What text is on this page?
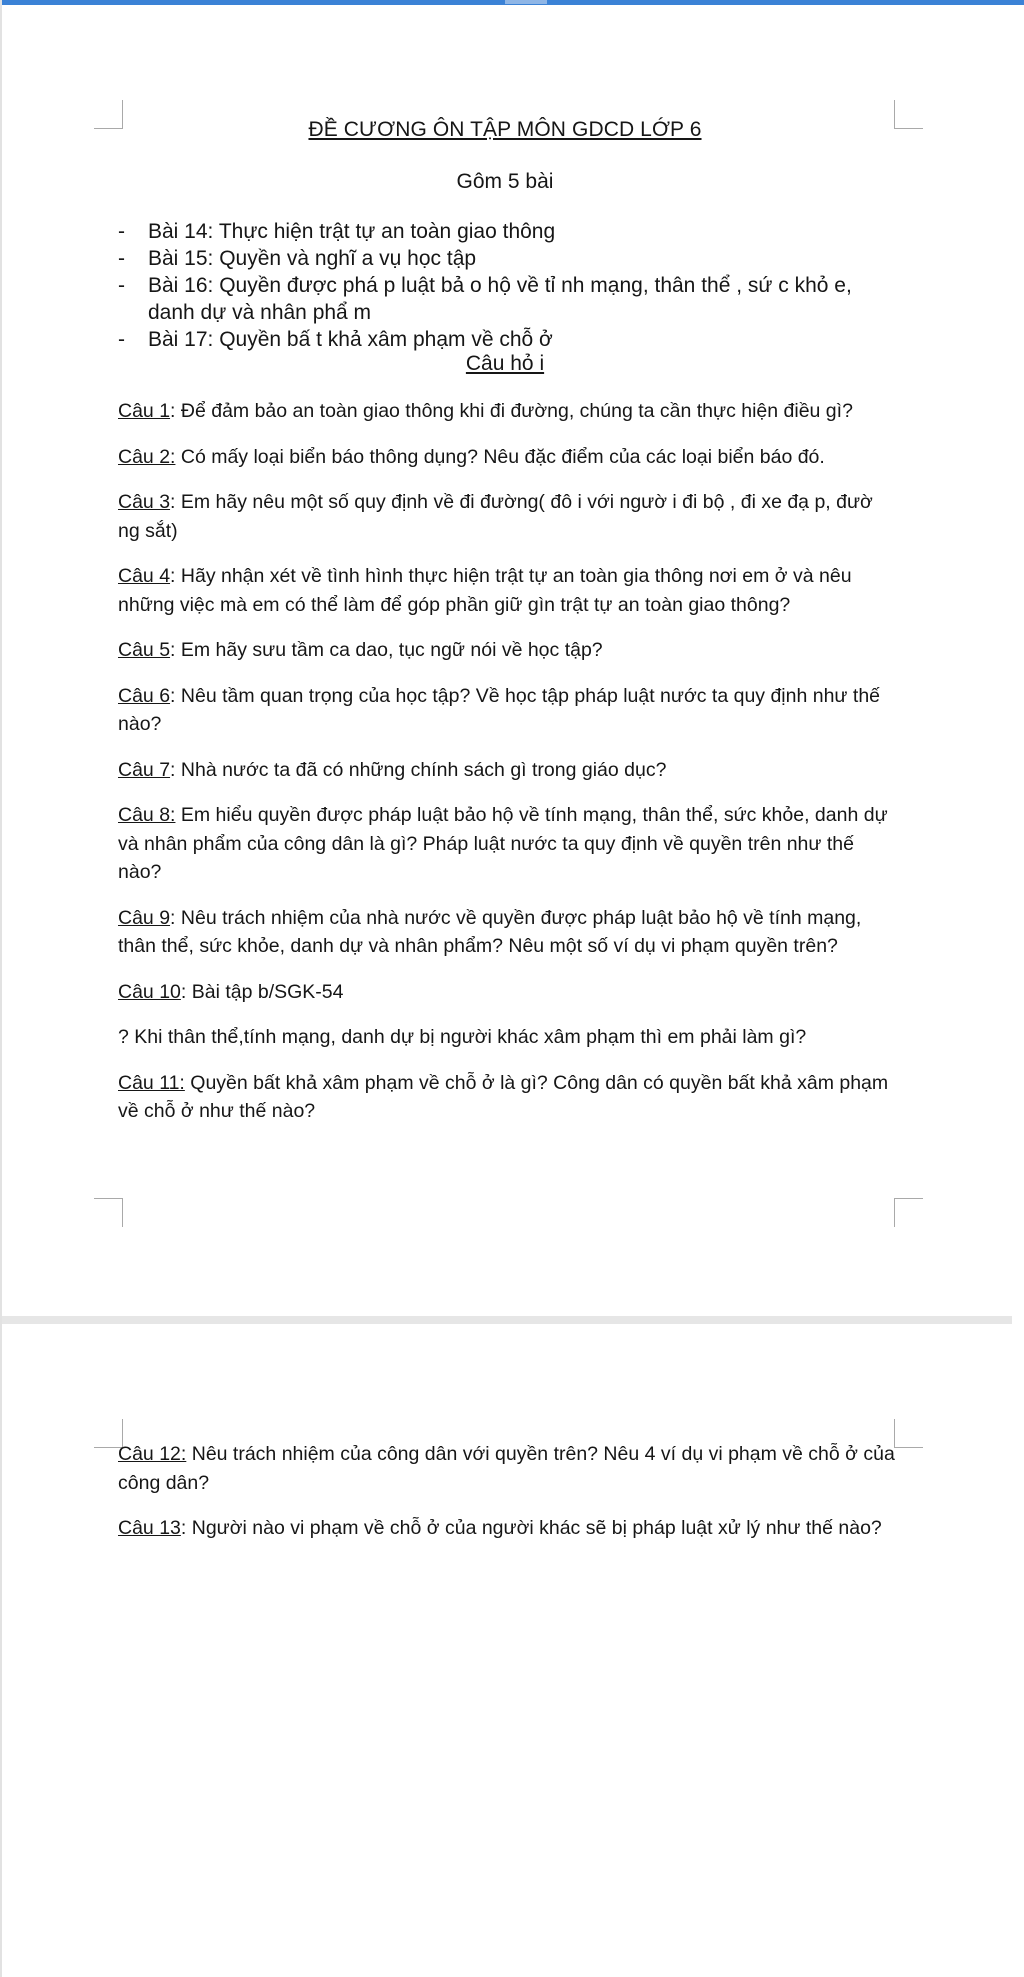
ĐỀ CƯƠNG ÔN TẬP MÔN GDCD LỚP 6
Gôm 5 bài
- Bài 14: Thực hiện trật tự an toàn giao thông
- Bài 15: Quyền và nghĩ a vụ học tập
- Bài 16: Quyền được phá p luật bả o hộ về tỉ nh mạng, thân thể , sứ c khỏ e, danh dự và nhân phẩ m
- Bài 17: Quyền bấ t khả xâm phạm về chỗ ở
Câu hỏ i
Câu 1: Để đảm bảo an toàn giao thông khi đi đường, chúng ta cần thực hiện điều gì?
Câu 2: Có mấy loại biển báo thông dụng? Nêu đặc điểm của các loại biển báo đó.
Câu 3: Em hãy nêu một số quy định về đi đường( đô i với ngườ i đi bộ , đi xe đạ p, đườ ng sắt)
Câu 4: Hãy nhận xét về tình hình thực hiện trật tự an toàn gia thông nơi em ở và nêu những việc mà em có thể làm để góp phần giữ gìn trật tự an toàn giao thông?
Câu 5: Em hãy sưu tầm ca dao, tục ngữ nói về học tập?
Câu 6: Nêu tầm quan trọng của học tập? Về học tập pháp luật nước ta quy định như thế nào?
Câu 7: Nhà nước ta đã có những chính sách gì trong giáo dục?
Câu 8: Em hiểu quyền được pháp luật bảo hộ về tính mạng, thân thể, sức khỏe, danh dự và nhân phẩm của công dân là gì? Pháp luật nước ta quy định về quyền trên như thế nào?
Câu 9: Nêu trách nhiệm của nhà nước về quyền được pháp luật bảo hộ về tính mạng, thân thể, sức khỏe, danh dự và nhân phẩm? Nêu một số ví dụ vi phạm quyền trên?
Câu 10: Bài tập b/SGK-54
? Khi thân thể,tính mạng, danh dự bị người khác xâm phạm thì em phải làm gì?
Câu 11: Quyền bất khả xâm phạm về chỗ ở là gì? Công dân có quyền bất khả xâm phạm về chỗ ở như thế nào?
Câu 12: Nêu trách nhiệm của công dân với quyền trên? Nêu 4 ví dụ vi phạm về chỗ ở của công dân?
Câu 13: Người nào vi phạm về chỗ ở của người khác sẽ bị pháp luật xử lý như thế nào?
